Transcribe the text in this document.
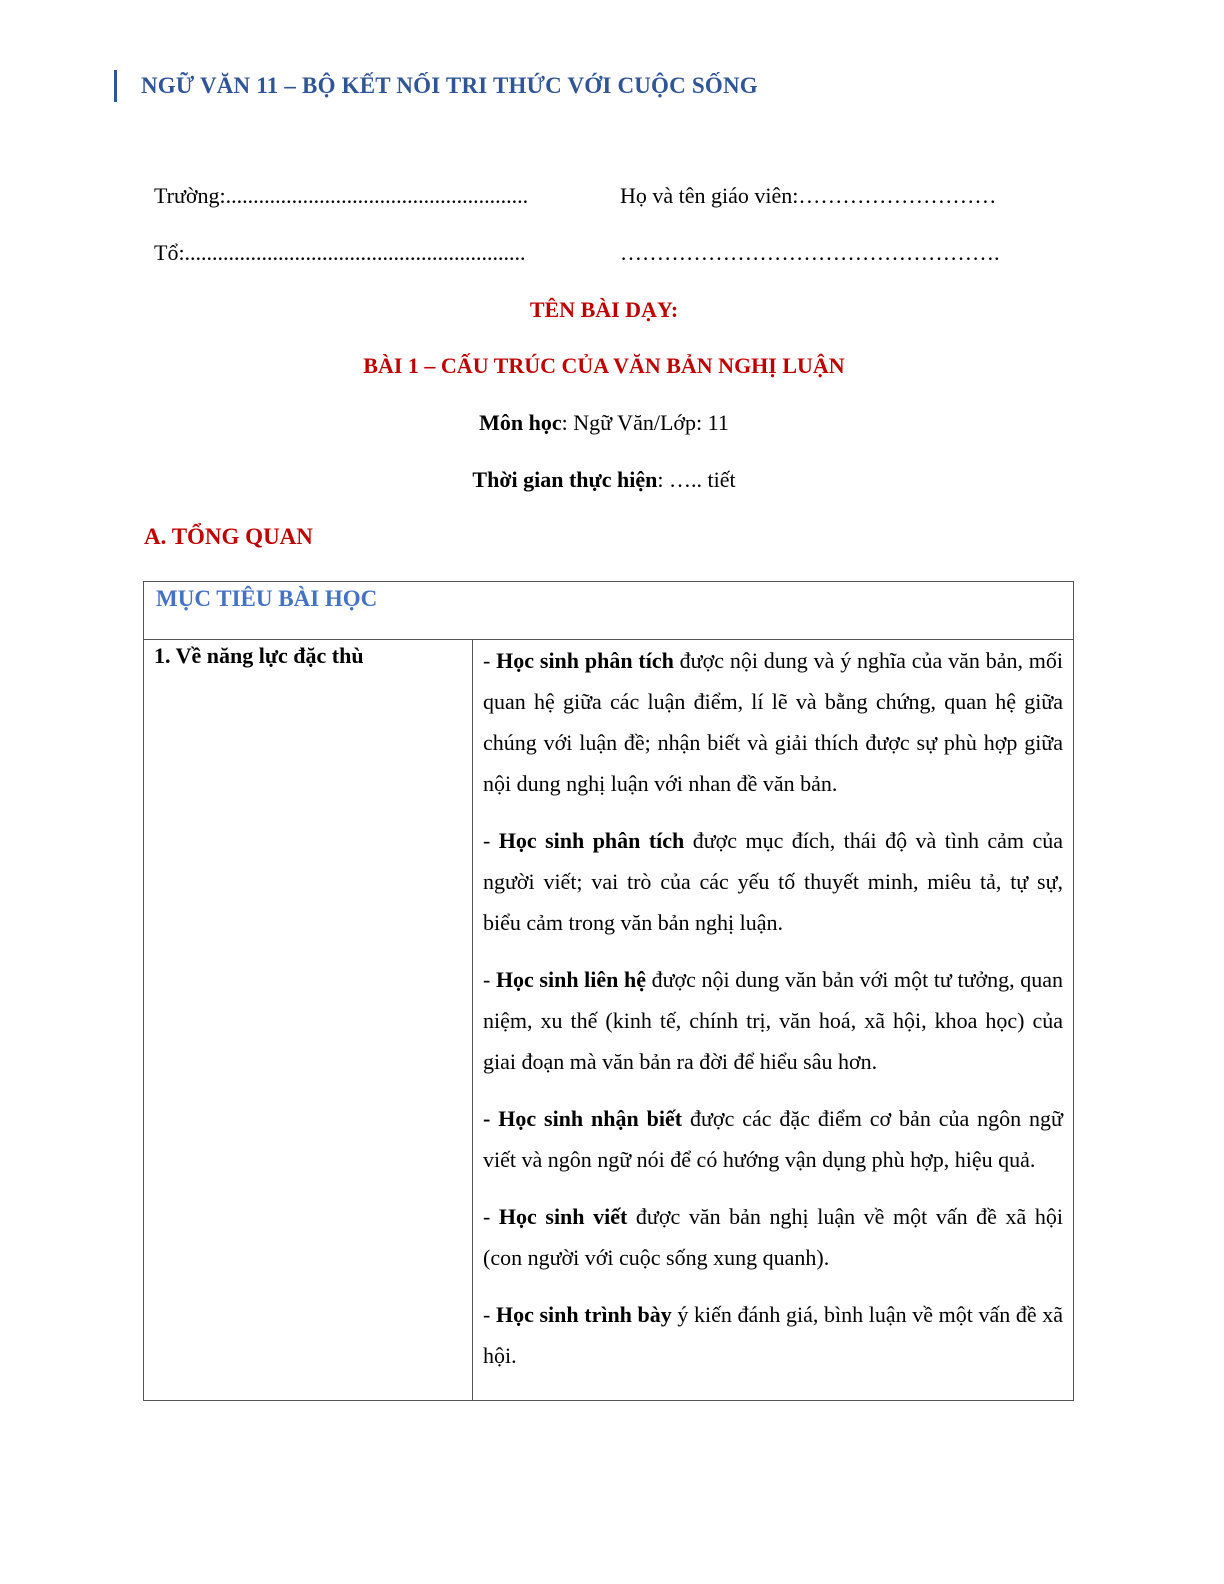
NGỮ VĂN 11 – BỘ KẾT NỐI TRI THỨC VỚI CUỘC SỐNG
Trường:.......................................................	Họ và tên giáo viên:………………………
Tổ:..............................................................	…………………………………………….
TÊN BÀI DẠY:
BÀI 1 – CẤU TRÚC CỦA VĂN BẢN NGHỊ LUẬN
Môn học: Ngữ Văn/Lớp: 11
Thời gian thực hiện: ….. tiết
A. TỔNG QUAN
MỤC TIÊU BÀI HỌC
1. Về năng lực đặc thù	- Học sinh phân tích được nội dung và ý nghĩa của văn bản, mối quan hệ giữa các luận điểm, lí lẽ và bằng chứng, quan hệ giữa chúng với luận đề; nhận biết và giải thích được sự phù hợp giữa nội dung nghị luận với nhan đề văn bản.

- Học sinh phân tích được mục đích, thái độ và tình cảm của người viết; vai trò của các yếu tố thuyết minh, miêu tả, tự sự, biểu cảm trong văn bản nghị luận.

- Học sinh liên hệ được nội dung văn bản với một tư tưởng, quan niệm, xu thế (kinh tế, chính trị, văn hoá, xã hội, khoa học) của giai đoạn mà văn bản ra đời để hiểu sâu hơn.

- Học sinh nhận biết được các đặc điểm cơ bản của ngôn ngữ viết và ngôn ngữ nói để có hướng vận dụng phù hợp, hiệu quả.

- Học sinh viết được văn bản nghị luận về một vấn đề xã hội (con người với cuộc sống xung quanh).

- Học sinh trình bày ý kiến đánh giá, bình luận về một vấn đề xã hội.
